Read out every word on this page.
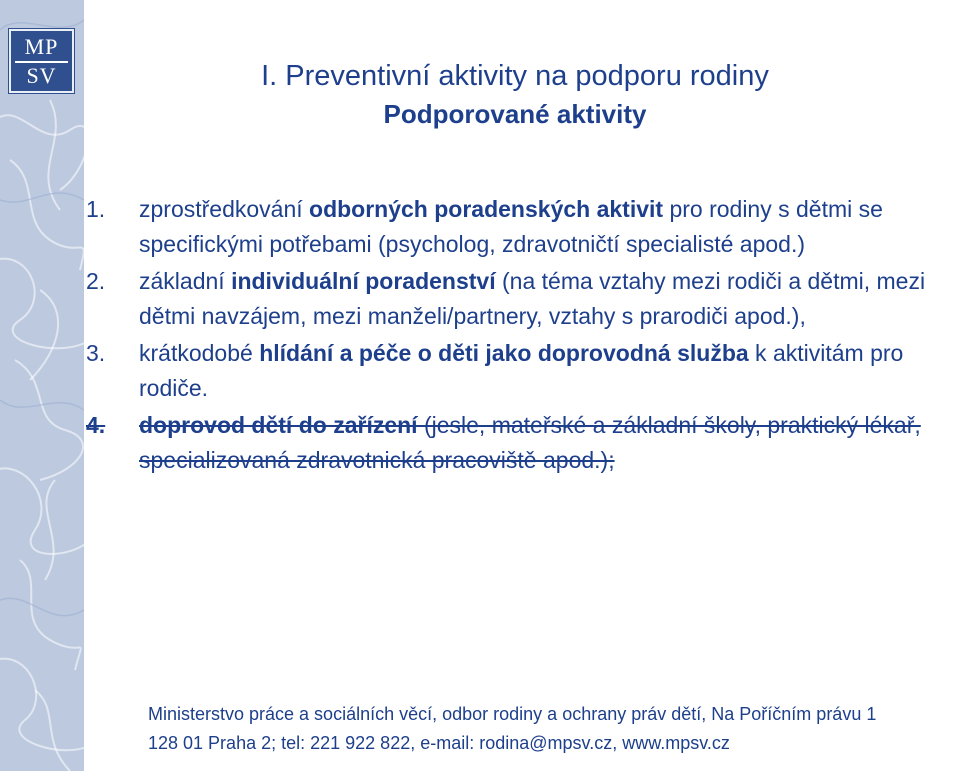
MP
SV	I. Preventivní aktivity na podporu rodiny
Podporované aktivity
1. zprostředkování odborných poradenských aktivit pro rodiny s dětmi se specifickými potřebami (psycholog, zdravotničtí specialisté apod.)
2. základní individuální poradenství (na téma vztahy mezi rodiči a dětmi, mezi dětmi navzájem, mezi manželi/partnery, vztahy s prarodiči apod.),
3. krátkodobé hlídání a péče o děti jako doprovodná služba k aktivitám pro rodiče.
4. doprovod dětí do zařízení (jesle, mateřské a základní školy, praktický lékař, specializovaná zdravotnická pracoviště apod.);
Ministerstvo práce a sociálních věcí, odbor rodiny a ochrany práv dětí, Na Poříčním právu 1
128 01 Praha 2; tel: 221 922 822, e-mail: rodina@mpsv.cz, www.mpsv.cz
